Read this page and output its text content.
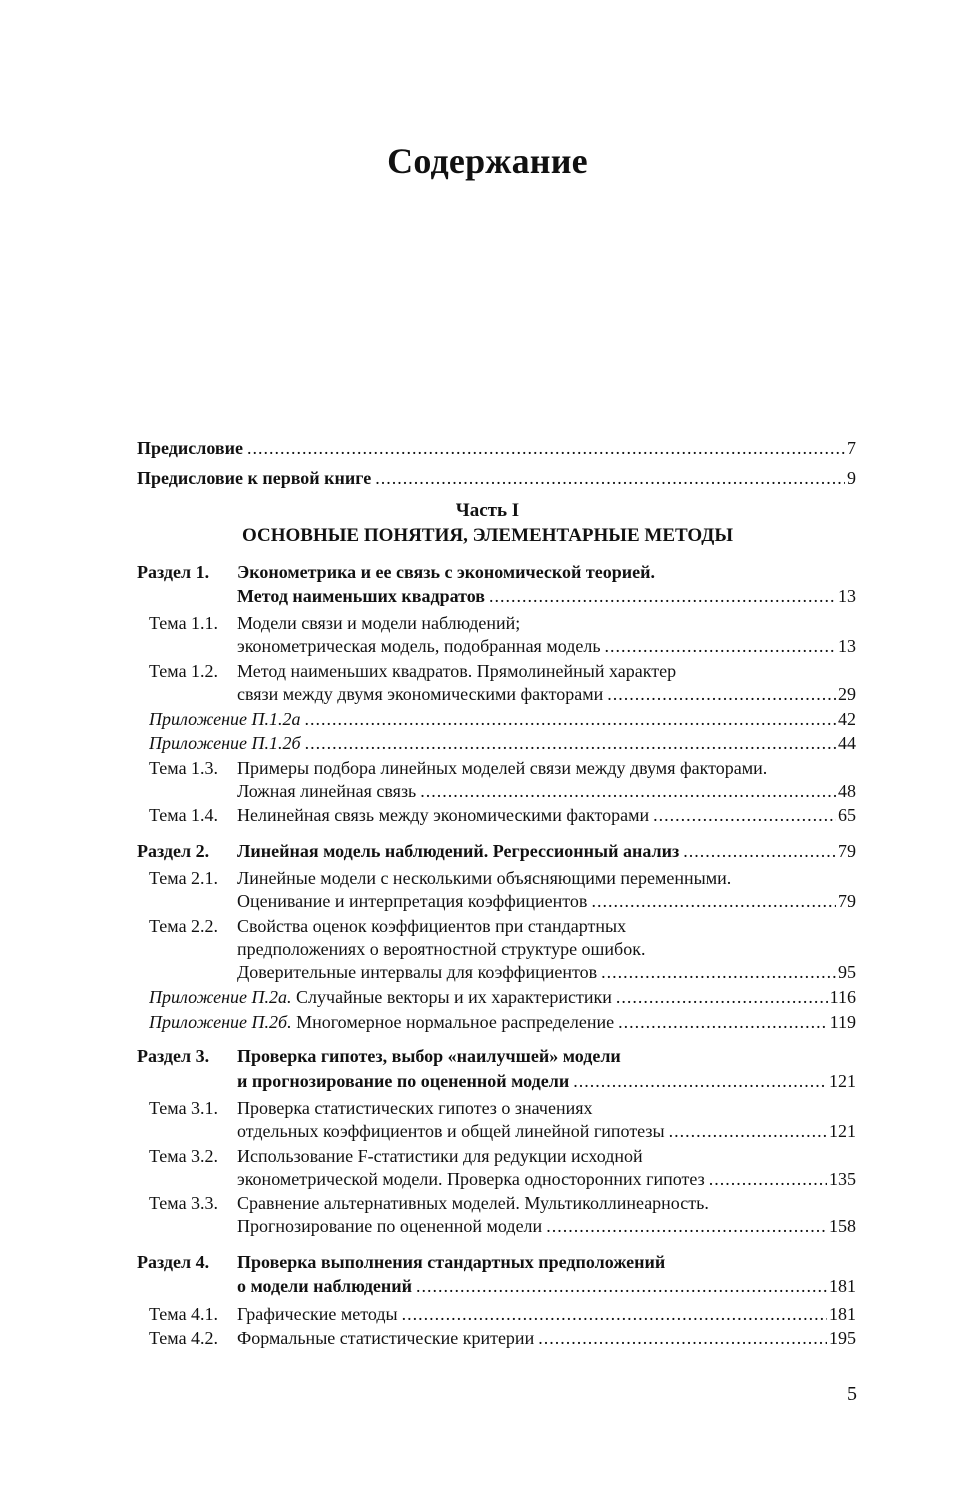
Содержание
Предисловие .....	7
Предисловие к первой книге .....	9
Часть I
ОСНОВНЫЕ ПОНЯТИЯ, ЭЛЕМЕНТАРНЫЕ МЕТОДЫ
Раздел 1. Эконометрика и ее связь с экономической теорией.
Метод наименьших квадратов .....	13
Тема 1.1. Модели связи и модели наблюдений;
эконометрическая модель, подобранная модель .....	13
Тема 1.2. Метод наименьших квадратов. Прямолинейный характер
связи между двумя экономическими факторами .....	29
Приложение П.1.2а .....	42
Приложение П.1.2б .....	44
Тема 1.3. Примеры подбора линейных моделей связи между двумя факторами.
Ложная линейная связь .....	48
Тема 1.4. Нелинейная связь между экономическими факторами .....	65
Раздел 2. Линейная модель наблюдений. Регрессионный анализ .....	79
Тема 2.1. Линейные модели с несколькими объясняющими переменными.
Оценивание и интерпретация коэффициентов .....	79
Тема 2.2. Свойства оценок коэффициентов при стандартных
предположениях о вероятностной структуре ошибок.
Доверительные интервалы для коэффициентов .....	95
Приложение П.2а. Случайные векторы и их характеристики .....	116
Приложение П.2б. Многомерное нормальное распределение .....	119
Раздел 3. Проверка гипотез, выбор «наилучшей» модели
и прогнозирование по оцененной модели .....	121
Тема 3.1. Проверка статистических гипотез о значениях
отдельных коэффициентов и общей линейной гипотезы .....	121
Тема 3.2. Использование F-статистики для редукции исходной
эконометрической модели. Проверка односторонних гипотез .....	135
Тема 3.3. Сравнение альтернативных моделей. Мультиколлинеарность.
Прогнозирование по оцененной модели .....	158
Раздел 4. Проверка выполнения стандартных предположений
о модели наблюдений .....	181
Тема 4.1. Графические методы .....	181
Тема 4.2. Формальные статистические критерии .....	195
5
